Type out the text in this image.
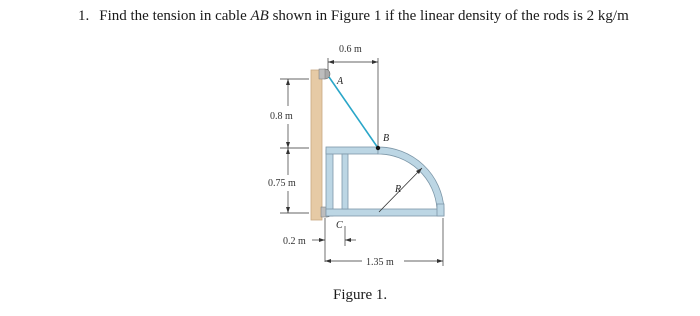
1. Find the tension in cable AB shown in Figure 1 if the linear density of the rods is 2 kg/m
A
B
C
R
0.6 m
0.8 m
0.75 m
0.2 m
1.35 m
Figure 1.
